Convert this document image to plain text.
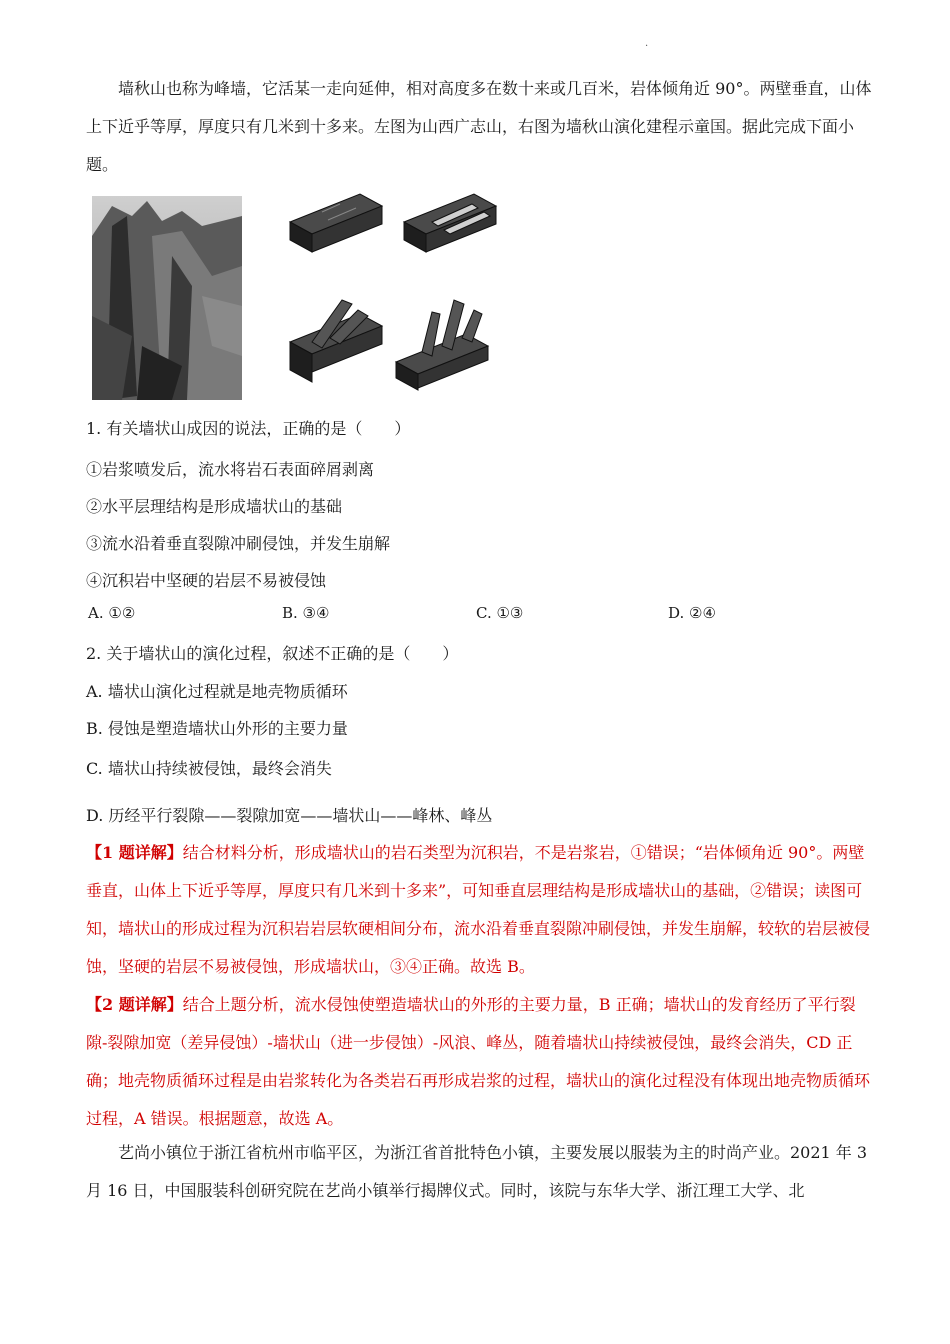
.

墙秋山也称为峰墙，它活某一走向延伸，相对高度多在数十来或几百米，岩体倾角近 90°。两壁垂直，山体上下近乎等厚，厚度只有几米到十多来。左图为山西广志山，右图为墙秋山演化建程示童国。据此完成下面小题。

1. 有关墙状山成因的说法，正确的是（　　）
①岩浆喷发后，流水将岩石表面碎屑剥离
②水平层理结构是形成墙状山的基础
③流水沿着垂直裂隙冲刷侵蚀，并发生崩解
④沉积岩中坚硬的岩层不易被侵蚀
A. ①②	B. ③④	C. ①③	D. ②④
2. 关于墙状山的演化过程，叙述不正确的是（　　）
A. 墙状山演化过程就是地壳物质循环
B. 侵蚀是塑造墙状山外形的主要力量
C. 墙状山持续被侵蚀，最终会消失
D. 历经平行裂隙——裂隙加宽——墙状山——峰林、峰丛

【1 题详解】结合材料分析，形成墙状山的岩石类型为沉积岩，不是岩浆岩，①错误；“岩体倾角近 90°。两壁垂直，山体上下近乎等厚，厚度只有几米到十多来”，可知垂直层理结构是形成墙状山的基础，②错误；读图可知，墙状山的形成过程为沉积岩岩层软硬相间分布，流水沿着垂直裂隙冲刷侵蚀，并发生崩解，较软的岩层被侵蚀，坚硬的岩层不易被侵蚀，形成墙状山，③④正确。故选 B。

【2 题详解】结合上题分析，流水侵蚀使塑造墙状山的外形的主要力量，B 正确；墙状山的发育经历了平行裂隙-裂隙加宽（差异侵蚀）-墙状山（进一步侵蚀）-风浪、峰丛，随着墙状山持续被侵蚀，最终会消失，CD 正确；地壳物质循环过程是由岩浆转化为各类岩石再形成岩浆的过程，墙状山的演化过程没有体现出地壳物质循环过程，A 错误。根据题意，故选 A。

艺尚小镇位于浙江省杭州市临平区，为浙江省首批特色小镇，主要发展以服装为主的时尚产业。2021 年 3 月 16 日，中国服装科创研究院在艺尚小镇举行揭牌仪式。同时，该院与东华大学、浙江理工大学、北
